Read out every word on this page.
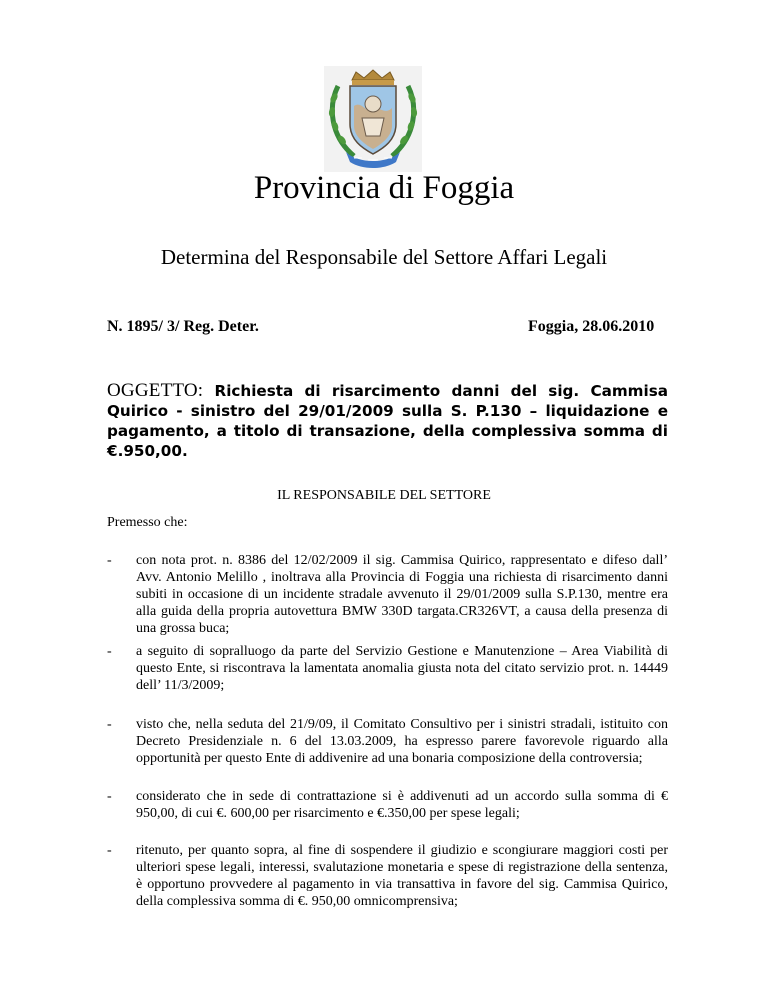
Provincia di Foggia
Determina del Responsabile del Settore Affari Legali
N. 1895/ 3/ Reg. Deter.	Foggia, 28.06.2010
OGGETTO: Richiesta di risarcimento danni del sig. Cammisa Quirico - sinistro del 29/01/2009 sulla S. P.130 – liquidazione e pagamento, a titolo di transazione, della complessiva somma di €.950,00.
IL RESPONSABILE DEL SETTORE
Premesso che:
- con nota prot. n. 8386 del 12/02/2009 il sig. Cammisa Quirico, rappresentato e difeso dall’ Avv. Antonio Melillo , inoltrava alla Provincia di Foggia una richiesta di risarcimento danni subiti in occasione di un incidente stradale avvenuto il 29/01/2009 sulla S.P.130, mentre era alla guida della propria autovettura BMW 330D targata.CR326VT, a causa della presenza di una grossa buca;
- a seguito di sopralluogo da parte del Servizio Gestione e Manutenzione – Area Viabilità di questo Ente, si riscontrava la lamentata anomalia giusta nota del citato servizio prot. n. 14449 dell’ 11/3/2009;
- visto che, nella seduta del 21/9/09, il Comitato Consultivo per i sinistri stradali, istituito con Decreto Presidenziale n. 6 del 13.03.2009, ha espresso parere favorevole riguardo alla opportunità per questo Ente di addivenire ad una bonaria composizione della controversia;
- considerato che in sede di contrattazione si è addivenuti ad un accordo sulla somma di € 950,00, di cui €. 600,00 per risarcimento e €.350,00 per spese legali;
- ritenuto, per quanto sopra, al fine di sospendere il giudizio e scongiurare maggiori costi per ulteriori spese legali, interessi, svalutazione monetaria e spese di registrazione della sentenza, è opportuno provvedere al pagamento in via transattiva in favore del sig. Cammisa Quirico, della complessiva somma di €. 950,00 omnicomprensiva;
